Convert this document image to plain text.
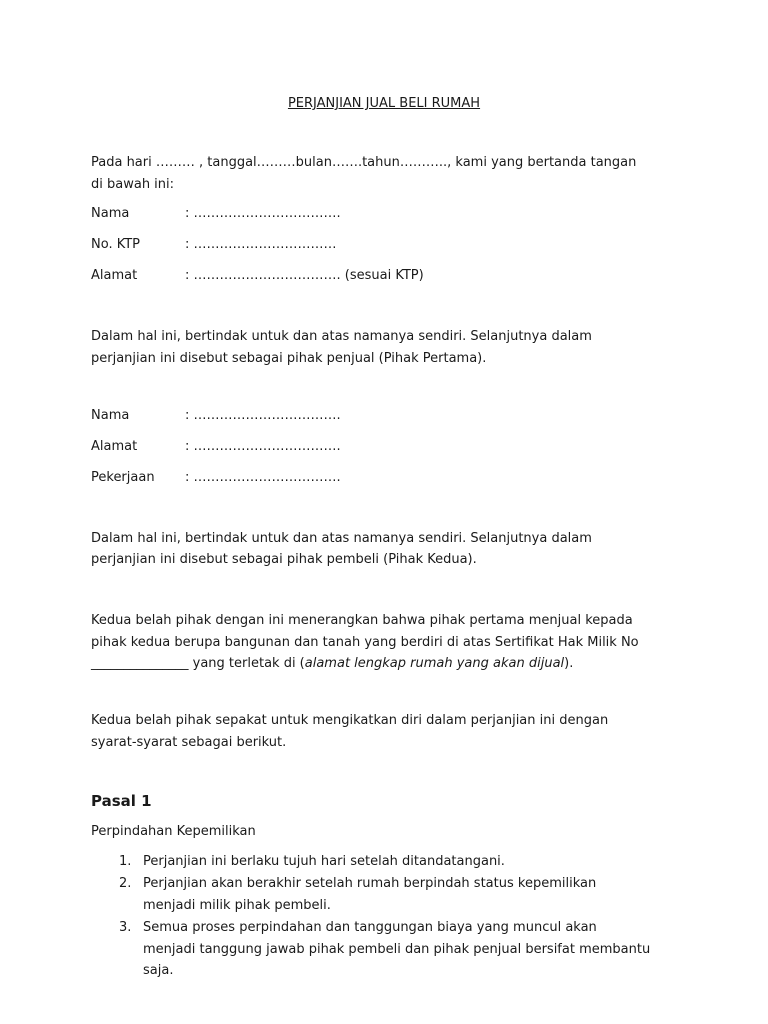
PERJANJIAN JUAL BELI RUMAH
Pada hari ……… , tanggal………bulan…….tahun……….., kami yang bertanda tangan
di bawah ini:
Nama	: …………………………….
No. KTP	: ……………………………
Alamat	: ……………………………. (sesuai KTP)
Dalam hal ini, bertindak untuk dan atas namanya sendiri. Selanjutnya dalam
perjanjian ini disebut sebagai pihak penjual (Pihak Pertama).
Nama	: …………………………….
Alamat	: …………………………….
Pekerjaan : …………………………….
Dalam hal ini, bertindak untuk dan atas namanya sendiri. Selanjutnya dalam
perjanjian ini disebut sebagai pihak pembeli (Pihak Kedua).
Kedua belah pihak dengan ini menerangkan bahwa pihak pertama menjual kepada
pihak kedua berupa bangunan dan tanah yang berdiri di atas Sertifikat Hak Milik No
_______________ yang terletak di (alamat lengkap rumah yang akan dijual).
Kedua belah pihak sepakat untuk mengikatkan diri dalam perjanjian ini dengan
syarat-syarat sebagai berikut.
Pasal 1
Perpindahan Kepemilikan
1. Perjanjian ini berlaku tujuh hari setelah ditandatangani.
2. Perjanjian akan berakhir setelah rumah berpindah status kepemilikan
menjadi milik pihak pembeli.
3. Semua proses perpindahan dan tanggungan biaya yang muncul akan
menjadi tanggung jawab pihak pembeli dan pihak penjual bersifat membantu
saja.
